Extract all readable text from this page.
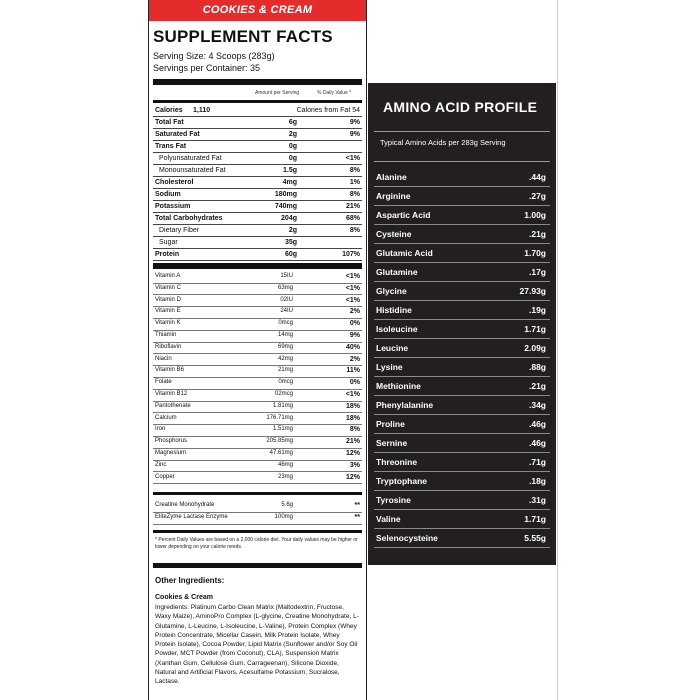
COOKIES & CREAM
SUPPLEMENT FACTS
Serving Size: 4 Scoops (283g)
Servings per Container: 35
Amount per Serving	% Daily Value *
Calories 1,110	Calories from Fat 54
Total Fat	6g	9%
Saturated Fat	2g	9%
Trans Fat	0g
Polyunsaturated Fat	0g	<1%
Monounsaturated Fat	1.5g	8%
Cholesterol	4mg	1%
Sodium	180mg	8%
Potassium	740mg	21%
Total Carbohydrates	204g	68%
Dietary Fiber	2g	8%
Sugar	35g
Protein	60g	107%
Vitamin A	15IU	<1%
Vitamin C	63mg	<1%
Vitamin D	02IU	<1%
Vitamin E	24IU	2%
Vitamin K	0mcg	0%
Thiamin	14mg	9%
Riboflavin	69mg	40%
Niacin	42mg	2%
Vitamin B6	21mg	11%
Folate	0mcg	0%
Vitamin B12	02mcg	<1%
Pantothenate	1.81mg	18%
Calcium	176.71mg	18%
Iron	1.51mg	8%
Phosphorus	205.85mg	21%
Magnesium	47.61mg	12%
Zinc	46mg	3%
Copper	23mg	12%
Creatine Monohydrate	5.6g	**
EliteZyme Lactase Enzyme	100mg	**
* Percent Daily Values are based on a 2,000 calorie diet. Your daily values may be higher or lower depending on your calorie needs.
Other Ingredients:
Cookies & Cream
Ingredients: Platinum Carbo Clean Matrix (Maltodextrin, Fructose, Waxy Maize), AminoPro Complex (L-glycine, Creatine Monohydrate, L-Glutamine, L-Leucine, L-Isoleucine, L-Valine), Protein Complex (Whey Protein Concentrate, Micellar Casein, Milk Protein Isolate, Whey Protein Isolate), Cocoa Powder, Lipid Matrix (Sunflower and/or Soy Oil Powder, MCT Powder (from Coconut), CLA), Suspension Matrix (Xanthan Gum, Cellulose Gum, Carrageenan), Silicone Dioxide, Natural and Artificial Flavors, Acesulfame Potassium, Sucralose, Lactase.
AMINO ACID PROFILE
Typical Amino Acids per 283g Serving
Alanine	.44g
Arginine	.27g
Aspartic Acid	1.00g
Cysteine	.21g
Glutamic Acid	1.70g
Glutamine	.17g
Glycine	27.93g
Histidine	.19g
Isoleucine	1.71g
Leucine	2.09g
Lysine	.88g
Methionine	.21g
Phenylalanine	.34g
Proline	.46g
Sernine	.46g
Threonine	.71g
Tryptophane	.18g
Tyrosine	.31g
Valine	1.71g
Selenocysteine	5.55g
